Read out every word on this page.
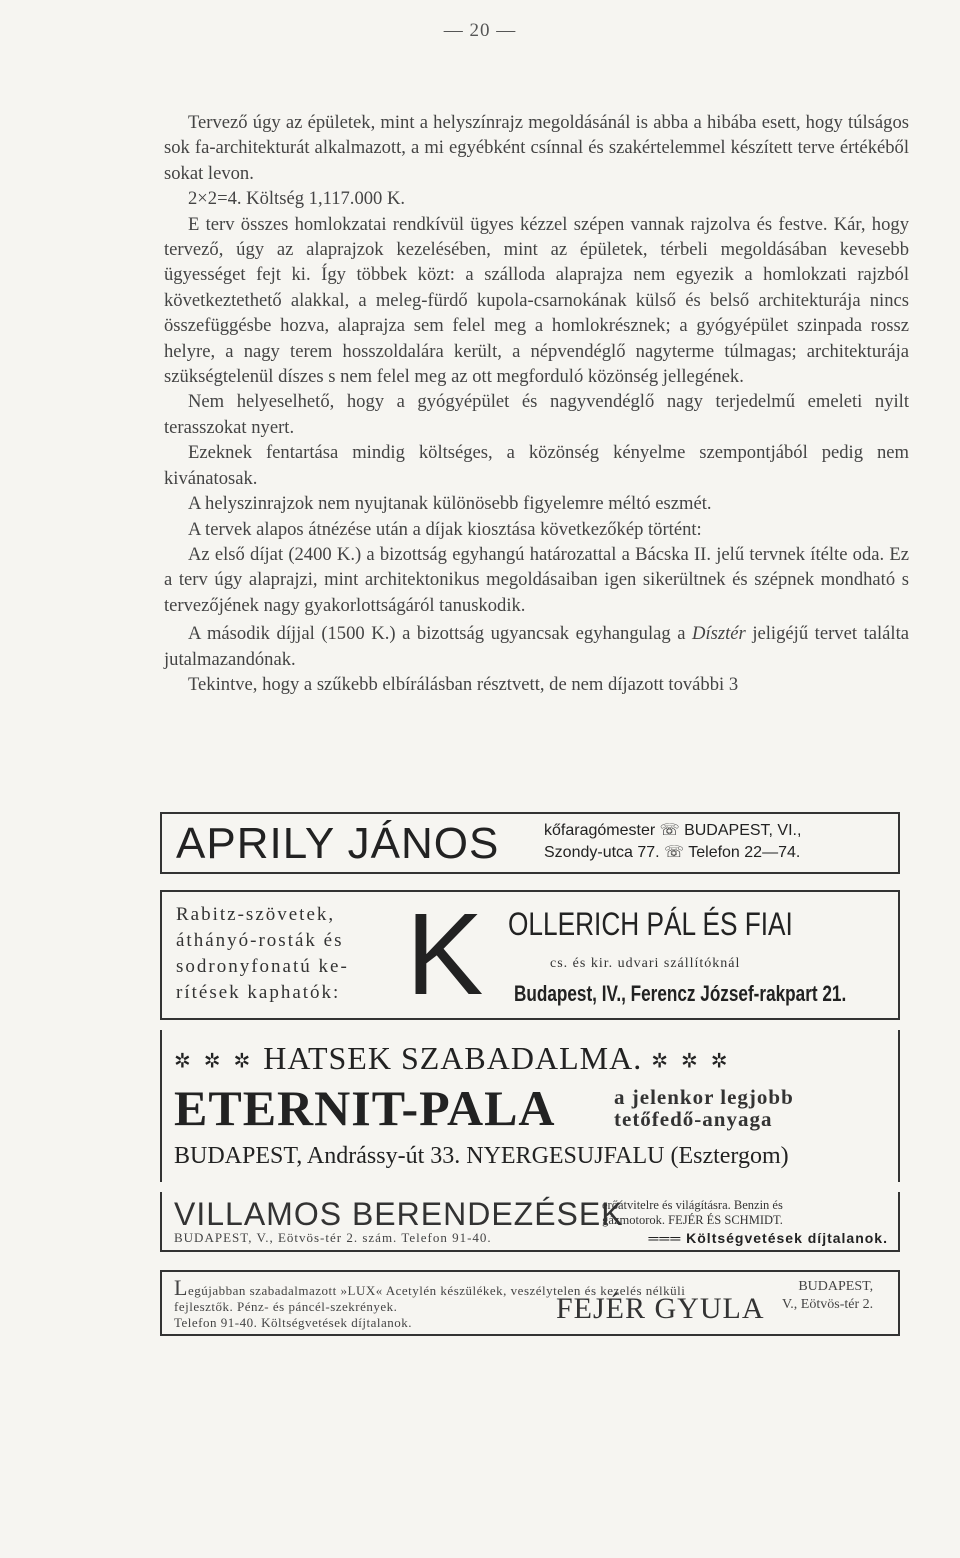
— 20 —

Tervező úgy az épületek, mint a helyszínrajz megoldásánál is abba a hibába esett, hogy túlságos sok fa-architekturát alkalmazott, a mi egyébként csínnal és szakértelemmel készített terve értékéből sokat levon.

2×2=4. Költség 1,117.000 K.

E terv összes homlokzatai rendkívül ügyes kézzel szépen vannak rajzolva és festve. Kár, hogy tervező, úgy az alaprajzok kezelésében, mint az épületek, térbeli megoldásában kevesebb ügyességet fejt ki. Így többek közt: a szálloda alaprajza nem egyezik a homlokzati rajzból következtethető alakkal, a meleg-fürdő kupola-csarnokának külső és belső architekturája nincs összefüggésbe hozva, alaprajza sem felel meg a homlokrésznek; a gyógyépület szinpada rossz helyre, a nagy terem hosszoldalára került, a népvendéglő nagyterme túlmagas; architekturája szükségtelenül díszes s nem felel meg az ott megforduló közönség jellegének.

Nem helyeselhető, hogy a gyógyépület és nagyvendéglő nagy terjedelmű emeleti nyilt terasszokat nyert.

Ezeknek fentartása mindig költséges, a közönség kényelme szempontjából pedig nem kivánatosak.

A helyszinrajzok nem nyujtanak különösebb figyelemre méltó eszmét.

A tervek alapos átnézése után a díjak kiosztása következőkép történt:

Az első díjat (2400 K.) a bizottság egyhangú határozattal a Bácska II. jelű tervnek ítélte oda. Ez a terv úgy alaprajzi, mint architektonikus megoldásaiban igen sikerültnek és szépnek mondható s tervezőjének nagy gyakorlottságáról tanuskodik.

A második díjjal (1500 K.) a bizottság ugyancsak egyhangulag a Dísztér jeligéjű tervet találta jutalmazandónak.

Tekintve, hogy a szűkebb elbírálásban résztvett, de nem díjazott további 3

APRILY JÁNOS	kőfaragómester ☏ BUDAPEST, VI.,
Szondy-utca 77. ☏ Telefon 22—74.
Rabitz-szövetek,
áthányó-rosták és
sodronyfonatú ke-
rítések kaphatók: K OLLERICH PÁL ÉS FIAI
cs. és kir. udvari szállítóknál
Budapest, IV., Ferencz József-rakpart 21.
✲ ✲ ✲ HATSEK SZABADALMA. ✲ ✲ ✲
ETERNIT-PALA	a jelenkor legjobb
tetőfedő-anyaga
BUDAPEST, Andrássy-út 33. NYERGESUJFALU (Esztergom)
VILLAMOS BERENDEZÉSEK
erőátvitelre és világításra. Benzin és
gázmotorok. FEJÉR ÉS SCHMIDT.
BUDAPEST, V., Eötvös-tér 2. szám. Telefon 91-40.	═══ Költségvetések díjtalanok.
Legújabban szabadalmazott »LUX« Acetylén készülékek, veszélytelen és kezelés nélküli
fejlesztők. Pénz- és páncél-szekrények.
Telefon 91-40. Költségvetések díjtalanok.	FEJÉR GYULA
BUDAPEST,
V., Eötvös-tér 2.
